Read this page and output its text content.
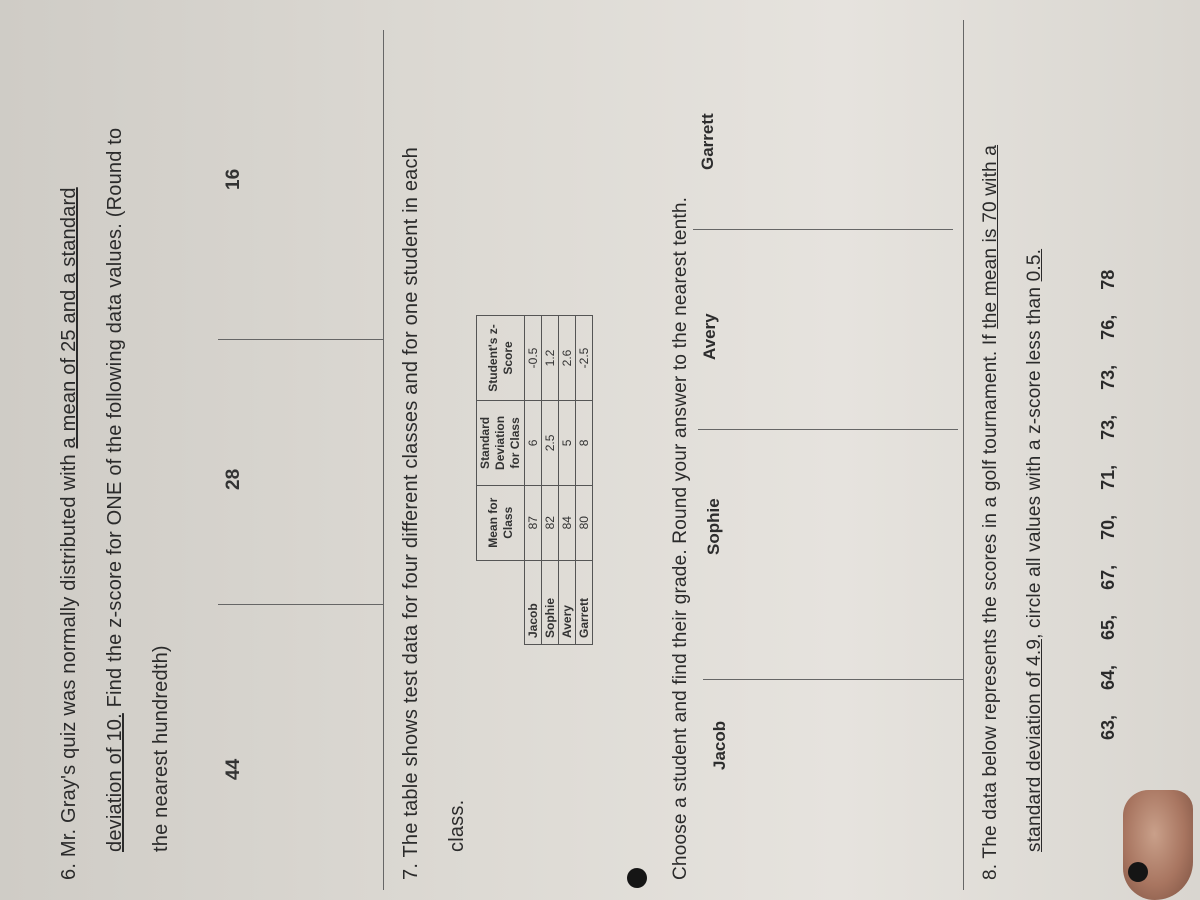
6. Mr. Gray's quiz was normally distributed with a mean of 25 and a standard
deviation of 10. Find the z-score for ONE of the following data values. (Round to
the nearest hundredth)	44
28
16
7. The table shows test data for four different classes and for one student in each	class.
	Mean for Class	Standard Deviation for Class	Student's z-Score
Jacob	87	6	-0.5
Sophie	82	2.5	1.2
Avery	84	5	2.6
Garrett	80	8	-2.5	Choose a student and find their grade. Round your answer to the nearest tenth.	Jacob
Sophie
Avery
Garrett
8. The data below represents the scores in a golf tournament. If the mean is 70 with a
standard deviation of 4.9, circle all values with a z-score less than 0.5.
63, 64, 65, 67, 70, 71, 73, 73, 76, 78
